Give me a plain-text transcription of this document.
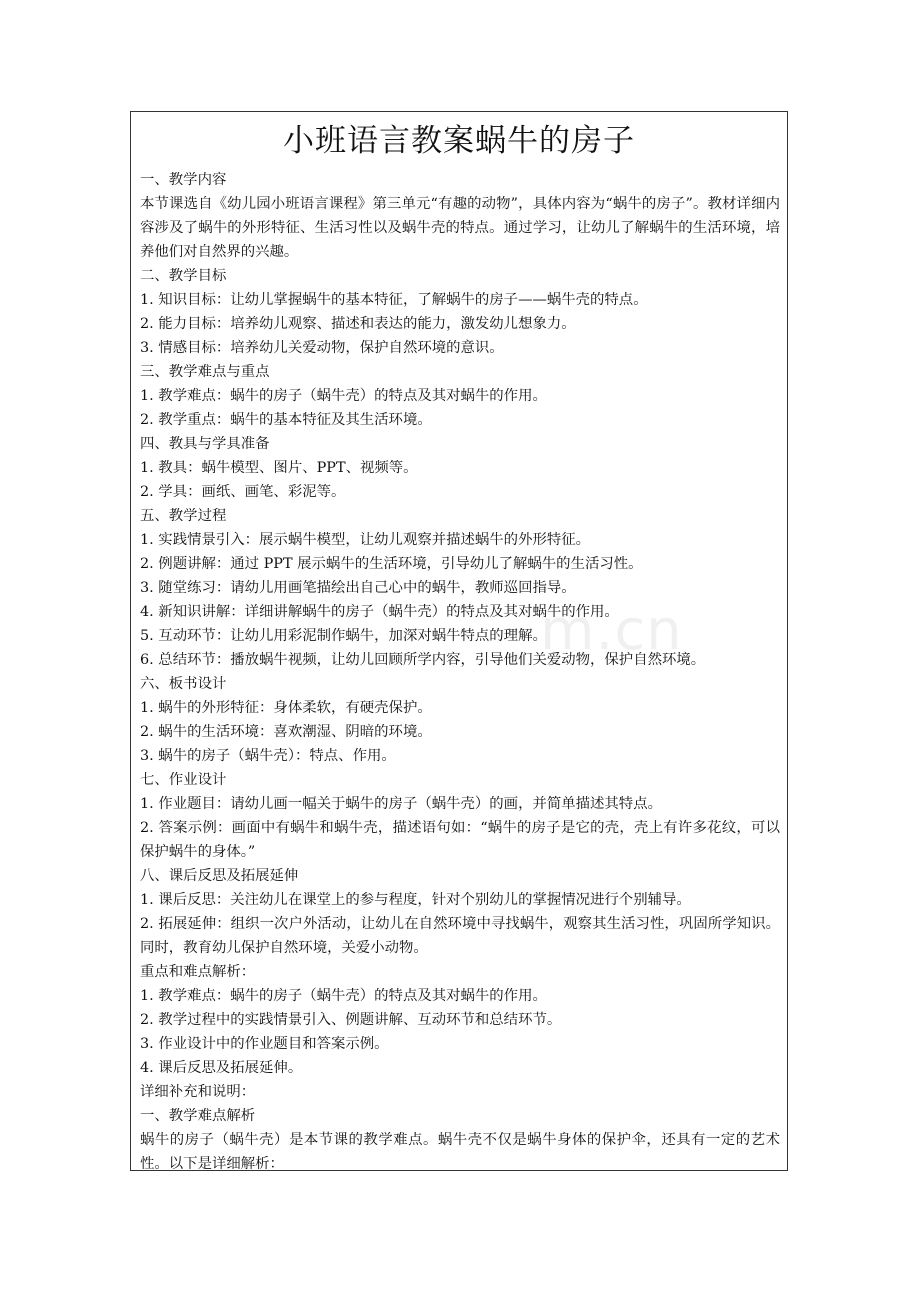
m.cn
小班语言教案蜗牛的房子
一、教学内容
本节课选自《幼儿园小班语言课程》第三单元“有趣的动物”，具体内容为“蜗牛的房子”。教材详细内容涉及了蜗牛的外形特征、生活习性以及蜗牛壳的特点。通过学习，让幼儿了解蜗牛的生活环境，培养他们对自然界的兴趣。
二、教学目标
1. 知识目标：让幼儿掌握蜗牛的基本特征，了解蜗牛的房子——蜗牛壳的特点。
2. 能力目标：培养幼儿观察、描述和表达的能力，激发幼儿想象力。
3. 情感目标：培养幼儿关爱动物，保护自然环境的意识。
三、教学难点与重点
1. 教学难点：蜗牛的房子（蜗牛壳）的特点及其对蜗牛的作用。
2. 教学重点：蜗牛的基本特征及其生活环境。
四、教具与学具准备
1. 教具：蜗牛模型、图片、PPT、视频等。
2. 学具：画纸、画笔、彩泥等。
五、教学过程
1. 实践情景引入：展示蜗牛模型，让幼儿观察并描述蜗牛的外形特征。
2. 例题讲解：通过 PPT 展示蜗牛的生活环境，引导幼儿了解蜗牛的生活习性。
3. 随堂练习：请幼儿用画笔描绘出自己心中的蜗牛，教师巡回指导。
4. 新知识讲解：详细讲解蜗牛的房子（蜗牛壳）的特点及其对蜗牛的作用。
5. 互动环节：让幼儿用彩泥制作蜗牛，加深对蜗牛特点的理解。
6. 总结环节：播放蜗牛视频，让幼儿回顾所学内容，引导他们关爱动物，保护自然环境。
六、板书设计
1. 蜗牛的外形特征：身体柔软，有硬壳保护。
2. 蜗牛的生活环境：喜欢潮湿、阴暗的环境。
3. 蜗牛的房子（蜗牛壳）：特点、作用。
七、作业设计
1. 作业题目：请幼儿画一幅关于蜗牛的房子（蜗牛壳）的画，并简单描述其特点。
2. 答案示例：画面中有蜗牛和蜗牛壳，描述语句如：“蜗牛的房子是它的壳，壳上有许多花纹，可以保护蜗牛的身体。”
八、课后反思及拓展延伸
1. 课后反思：关注幼儿在课堂上的参与程度，针对个别幼儿的掌握情况进行个别辅导。
2. 拓展延伸：组织一次户外活动，让幼儿在自然环境中寻找蜗牛，观察其生活习性，巩固所学知识。同时，教育幼儿保护自然环境，关爱小动物。
重点和难点解析：
1. 教学难点：蜗牛的房子（蜗牛壳）的特点及其对蜗牛的作用。
2. 教学过程中的实践情景引入、例题讲解、互动环节和总结环节。
3. 作业设计中的作业题目和答案示例。
4. 课后反思及拓展延伸。
详细补充和说明：
一、教学难点解析
蜗牛的房子（蜗牛壳）是本节课的教学难点。蜗牛壳不仅是蜗牛身体的保护伞，还具有一定的艺术性。以下是详细解析：
